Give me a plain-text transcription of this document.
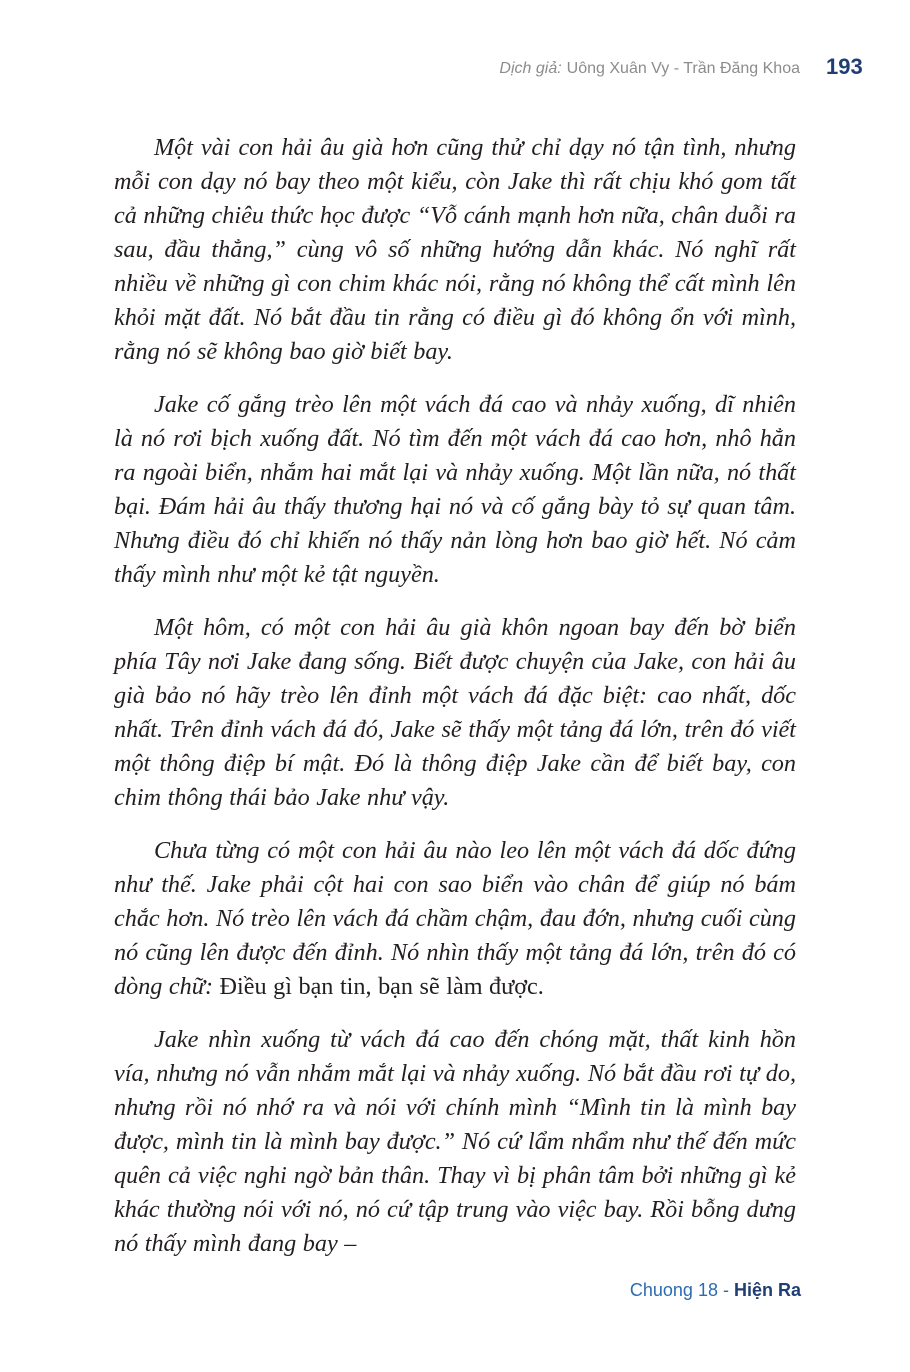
Dịch giả: Uông Xuân Vy - Trần Đăng Khoa 193

Một vài con hải âu già hơn cũng thử chỉ dạy nó tận tình, nhưng mỗi con dạy nó bay theo một kiểu, còn Jake thì rất chịu khó gom tất cả những chiêu thức học được “Vỗ cánh mạnh hơn nữa, chân duỗi ra sau, đầu thẳng,” cùng vô số những hướng dẫn khác. Nó nghĩ rất nhiều về những gì con chim khác nói, rằng nó không thể cất mình lên khỏi mặt đất. Nó bắt đầu tin rằng có điều gì đó không ổn với mình, rằng nó sẽ không bao giờ biết bay.

Jake cố gắng trèo lên một vách đá cao và nhảy xuống, dĩ nhiên là nó rơi bịch xuống đất. Nó tìm đến một vách đá cao hơn, nhô hẳn ra ngoài biển, nhắm hai mắt lại và nhảy xuống. Một lần nữa, nó thất bại. Đám hải âu thấy thương hại nó và cố gắng bày tỏ sự quan tâm. Nhưng điều đó chỉ khiến nó thấy nản lòng hơn bao giờ hết. Nó cảm thấy mình như một kẻ tật nguyền.

Một hôm, có một con hải âu già khôn ngoan bay đến bờ biển phía Tây nơi Jake đang sống. Biết được chuyện của Jake, con hải âu già bảo nó hãy trèo lên đỉnh một vách đá đặc biệt: cao nhất, dốc nhất. Trên đỉnh vách đá đó, Jake sẽ thấy một tảng đá lớn, trên đó viết một thông điệp bí mật. Đó là thông điệp Jake cần để biết bay, con chim thông thái bảo Jake như vậy.

Chưa từng có một con hải âu nào leo lên một vách đá dốc đứng như thế. Jake phải cột hai con sao biển vào chân để giúp nó bám chắc hơn. Nó trèo lên vách đá chầm chậm, đau đớn, nhưng cuối cùng nó cũng lên được đến đỉnh. Nó nhìn thấy một tảng đá lớn, trên đó có dòng chữ: Điều gì bạn tin, bạn sẽ làm được.

Jake nhìn xuống từ vách đá cao đến chóng mặt, thất kinh hồn vía, nhưng nó vẫn nhắm mắt lại và nhảy xuống. Nó bắt đầu rơi tự do, nhưng rồi nó nhớ ra và nói với chính mình “Mình tin là mình bay được, mình tin là mình bay được.” Nó cứ lẩm nhẩm như thế đến mức quên cả việc nghi ngờ bản thân. Thay vì bị phân tâm bởi những gì kẻ khác thường nói với nó, nó cứ tập trung vào việc bay. Rồi bỗng dưng nó thấy mình đang bay –

Chuong 18 - Hiện Ra
